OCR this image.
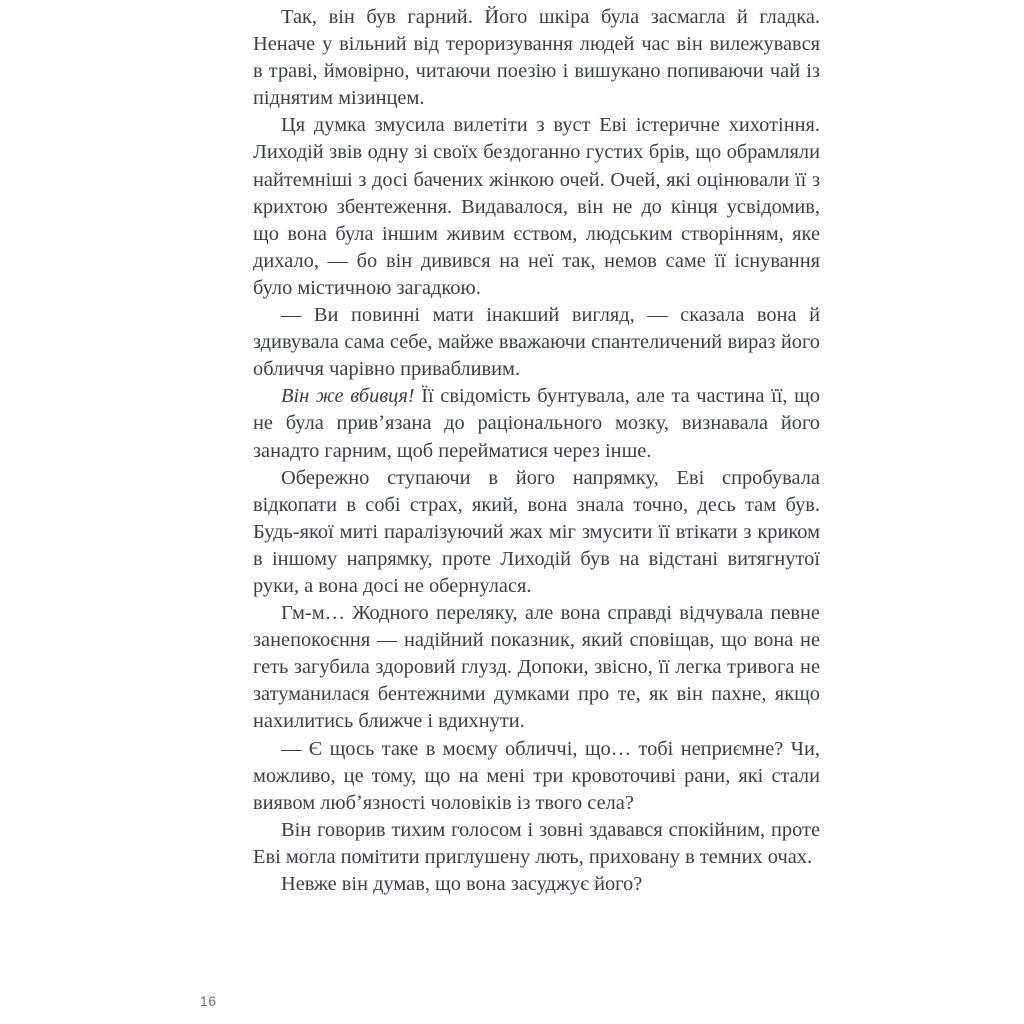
Так, він був гарний. Його шкіра була засмагла й гладка. Неначе у вільний від тероризування людей час він вилежувався в траві, ймовірно, читаючи поезію і вишукано попиваючи чай із піднятим мізинцем.

Ця думка змусила вилетіти з вуст Еві істеричне хихотіння. Лиходій звів одну зі своїх бездоганно густих брів, що обрамляли найтемніші з досі бачених жінкою очей. Очей, які оцінювали її з крихтою збентеження. Видавалося, він не до кінця усвідомив, що вона була іншим живим єством, людським створінням, яке дихало, — бо він дивився на неї так, немов саме її існування було містичною загадкою.

— Ви повинні мати інакший вигляд, — сказала вона й здивувала сама себе, майже вважаючи спантеличений вираз його обличчя чарівно привабливим.

Він же вбивця! Її свідомість бунтувала, але та частина її, що не була привʼязана до раціонального мозку, визнавала його занадто гарним, щоб перейматися через інше.

Обережно ступаючи в його напрямку, Еві спробувала відкопати в собі страх, який, вона знала точно, десь там був. Будь-якої миті паралізуючий жах міг змусити її втікати з криком в іншому напрямку, проте Лиходій був на відстані витягнутої руки, а вона досі не обернулася.

Гм-м… Жодного переляку, але вона справді відчувала певне занепокоєння — надійний показник, який сповіщав, що вона не геть загубила здоровий глузд. Допоки, звісно, її легка тривога не затуманилася бентежними думками про те, як він пахне, якщо нахилитись ближче і вдихнути.

— Є щось таке в моєму обличчі, що… тобі неприємне? Чи, можливо, це тому, що на мені три кровоточиві рани, які стали виявом любʼязності чоловіків із твого села?

Він говорив тихим голосом і зовні здавався спокійним, проте Еві могла помітити приглушену лють, приховану в темних очах.

Невже він думав, що вона засуджує його?

16
